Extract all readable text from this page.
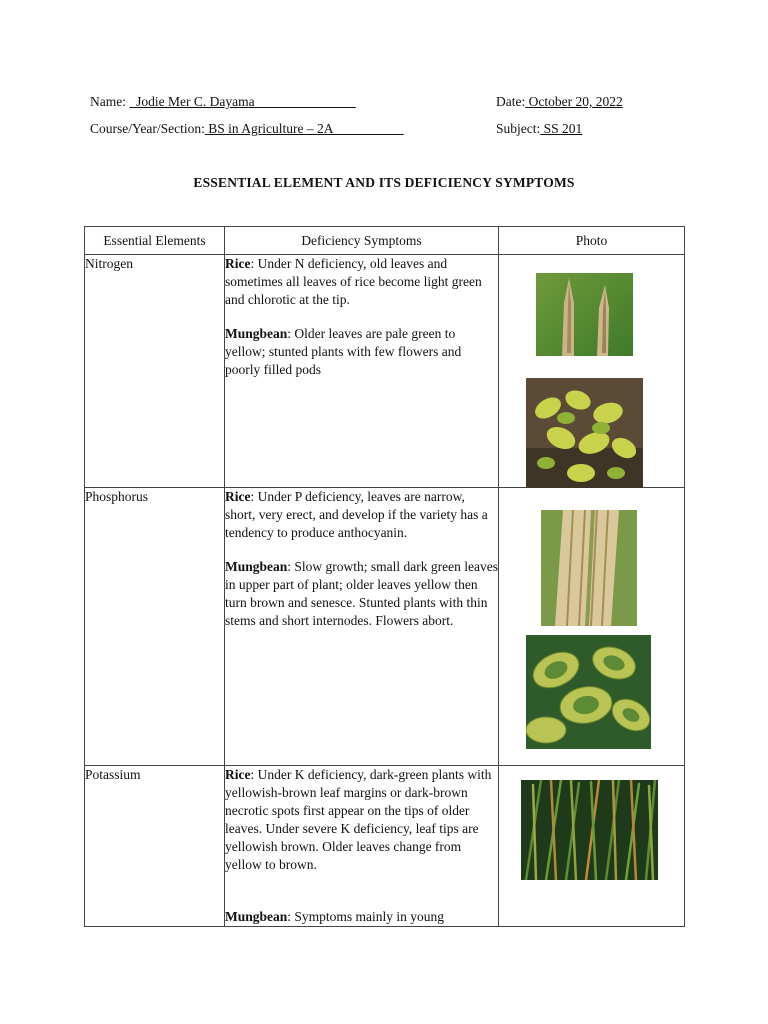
Name:   Jodie Mer C. Dayama	Date: October 20, 2022
Course/Year/Section: BS in Agriculture – 2A	Subject: SS 201
ESSENTIAL ELEMENT AND ITS DEFICIENCY SYMPTOMS
Essential Elements	Deficiency Symptoms	Photo
Nitrogen	Rice: Under N deficiency, old leaves and sometimes all leaves of rice become light green and chlorotic at the tip.

Mungbean: Older leaves are pale green to yellow; stunted plants with few flowers and poorly filled pods

Phosphorus	Rice: Under P deficiency, leaves are narrow, short, very erect, and develop if the variety has a tendency to produce anthocyanin.

Mungbean: Slow growth; small dark green leaves in upper part of plant; older leaves yellow then turn brown and senesce. Stunted plants with thin stems and short internodes. Flowers abort.

Potassium	Rice: Under K deficiency, dark-green plants with yellowish-brown leaf margins or dark-brown necrotic spots first appear on the tips of older leaves. Under severe K deficiency, leaf tips are yellowish brown. Older leaves change from yellow to brown.

Mungbean: Symptoms mainly in young
